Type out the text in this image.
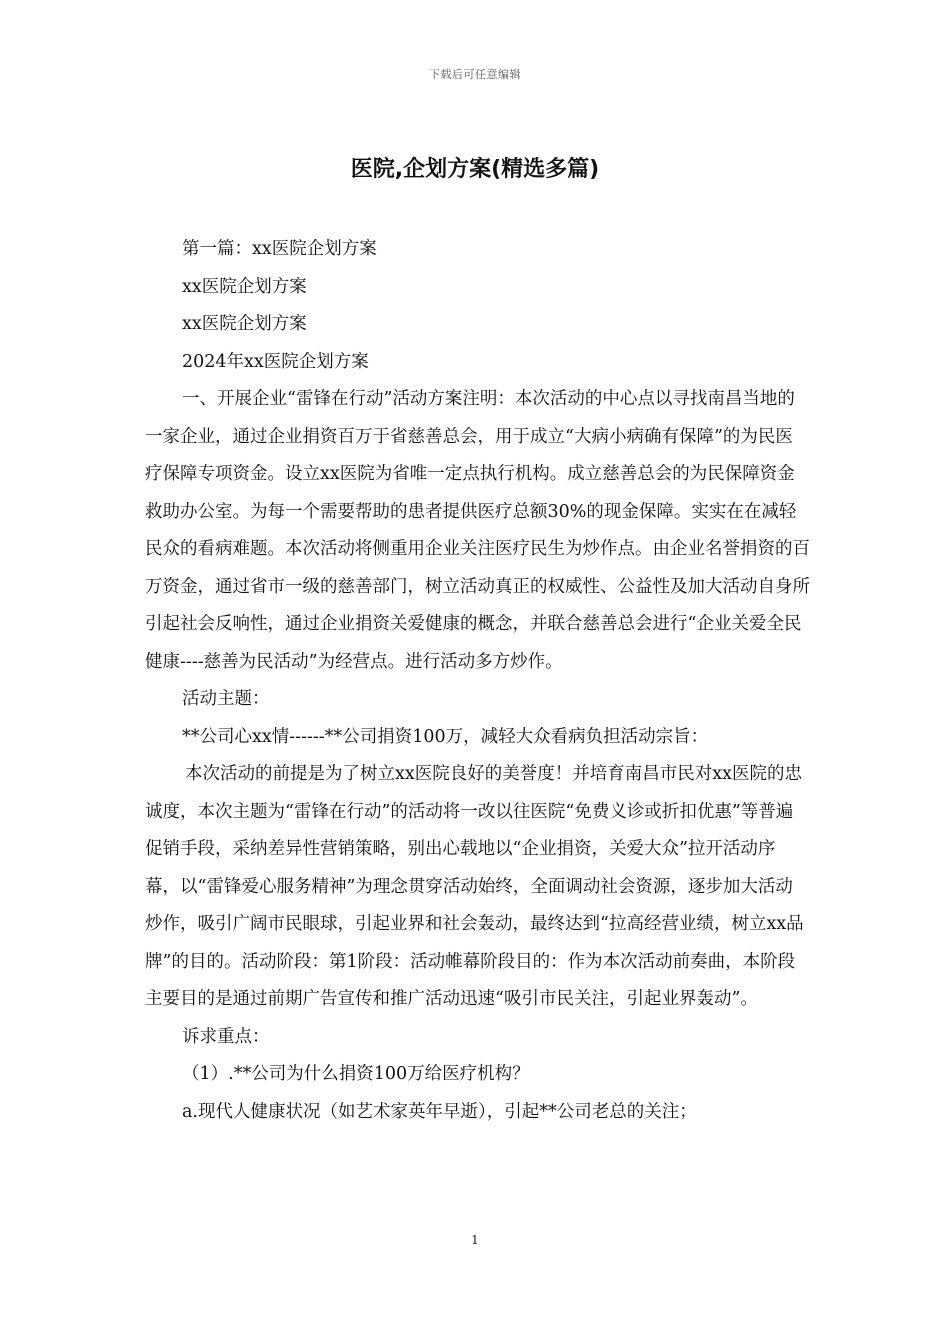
下载后可任意编辑
医院,企划方案(精选多篇)

第一篇：xx医院企划方案

xx医院企划方案

xx医院企划方案

2024年xx医院企划方案

一、开展企业“雷锋在行动”活动方案注明：本次活动的中心点以寻找南昌当地的一家企业，通过企业捐资百万于省慈善总会，用于成立“大病小病确有保障”的为民医疗保障专项资金。设立xx医院为省唯一定点执行机构。成立慈善总会的为民保障资金救助办公室。为每一个需要帮助的患者提供医疗总额30%的现金保障。实实在在减轻民众的看病难题。本次活动将侧重用企业关注医疗民生为炒作点。由企业名誉捐资的百万资金，通过省市一级的慈善部门，树立活动真正的权威性、公益性及加大活动自身所引起社会反响性，通过企业捐资关爱健康的概念，并联合慈善总会进行“企业关爱全民健康----慈善为民活动”为经营点。进行活动多方炒作。

活动主题：

**公司心xx情------**公司捐资100万，减轻大众看病负担活动宗旨：

本次活动的前提是为了树立xx医院良好的美誉度！并培育南昌市民对xx医院的忠诚度，本次主题为“雷锋在行动”的活动将一改以往医院“免费义诊或折扣优惠”等普遍促销手段，采纳差异性营销策略，别出心载地以“企业捐资，关爱大众”拉开活动序幕，以“雷锋爱心服务精神”为理念贯穿活动始终，全面调动社会资源，逐步加大活动炒作，吸引广阔市民眼球，引起业界和社会轰动，最终达到“拉高经营业绩，树立xx品牌”的目的。活动阶段：第1阶段：活动帷幕阶段目的：作为本次活动前奏曲，本阶段主要目的是通过前期广告宣传和推广活动迅速“吸引市民关注，引起业界轰动”。

诉求重点：

（1）.**公司为什么捐资100万给医疗机构？

a.现代人健康状况（如艺术家英年早逝），引起**公司老总的关注；

1
